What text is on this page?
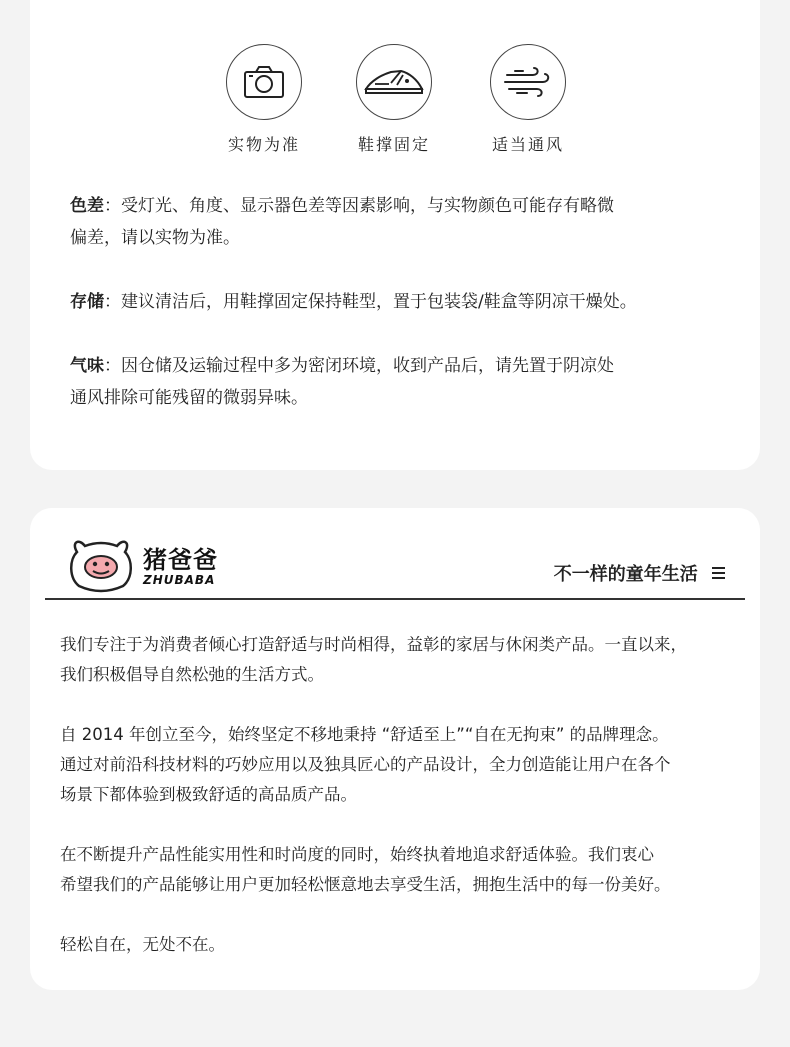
实物为准	鞋撑固定	适当通风

色差：受灯光、角度、显示器色差等因素影响，与实物颜色可能存有略微
偏差，请以实物为准。

存储：建议清洁后，用鞋撑固定保持鞋型，置于包装袋/鞋盒等阴凉干燥处。

气味：因仓储及运输过程中多为密闭环境，收到产品后，请先置于阴凉处
通风排除可能残留的微弱异味。

猪爸爸
ZHUBABA	不一样的童年生活

我们专注于为消费者倾心打造舒适与时尚相得，益彰的家居与休闲类产品。一直以来，
我们积极倡导自然松弛的生活方式。

自 2014 年创立至今，始终坚定不移地秉持 “舒适至上”“自在无拘束” 的品牌理念。
通过对前沿科技材料的巧妙应用以及独具匠心的产品设计，全力创造能让用户在各个
场景下都体验到极致舒适的高品质产品。

在不断提升产品性能实用性和时尚度的同时，始终执着地追求舒适体验。我们衷心
希望我们的产品能够让用户更加轻松惬意地去享受生活，拥抱生活中的每一份美好。

轻松自在，无处不在。
